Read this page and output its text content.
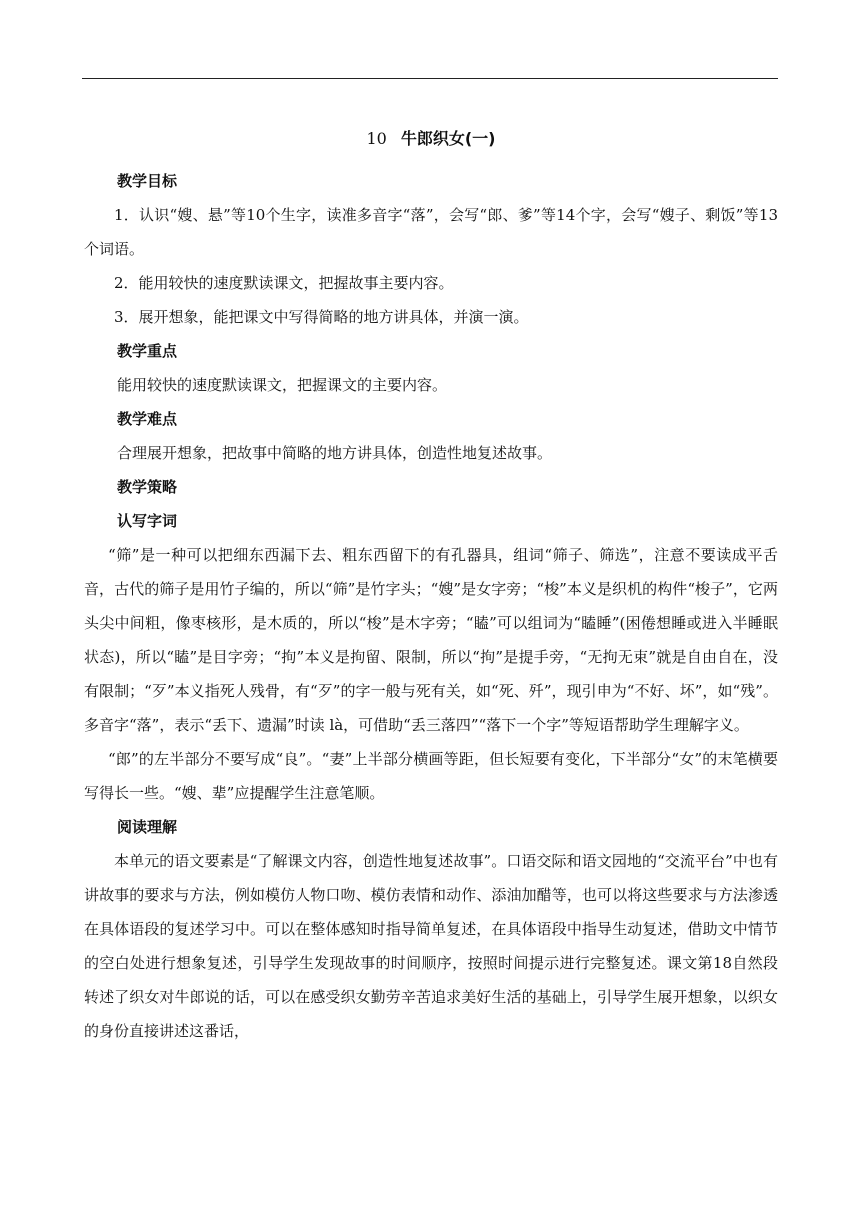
10 牛郎织女(一)
教学目标

1．认识“嫂、悬”等10个生字，读准多音字“落”，会写“郎、爹”等14个字，会写“嫂子、剩饭”等13个词语。

2．能用较快的速度默读课文，把握故事主要内容。

3．展开想象，能把课文中写得简略的地方讲具体，并演一演。

教学重点

能用较快的速度默读课文，把握课文的主要内容。

教学难点

合理展开想象，把故事中简略的地方讲具体，创造性地复述故事。

教学策略
认写字词

“筛”是一种可以把细东西漏下去、粗东西留下的有孔器具，组词“筛子、筛选”，注意不要读成平舌音，古代的筛子是用竹子编的，所以“筛”是竹字头；“嫂”是女字旁；“梭”本义是织机的构件“梭子”，它两头尖中间粗，像枣核形，是木质的，所以“梭”是木字旁；“瞌”可以组词为“瞌睡”(困倦想睡或进入半睡眠状态)，所以“瞌”是目字旁；“拘”本义是拘留、限制，所以“拘”是提手旁，“无拘无束”就是自由自在，没有限制；“歹”本义指死人残骨，有“歹”的字一般与死有关，如“死、歼”，现引申为“不好、坏”，如“残”。多音字“落”，表示“丢下、遗漏”时读 là，可借助“丢三落四”“落下一个字”等短语帮助学生理解字义。

“郎”的左半部分不要写成“良”。“妻”上半部分横画等距，但长短要有变化，下半部分“女”的末笔横要写得长一些。“嫂、辈”应提醒学生注意笔顺。

阅读理解

本单元的语文要素是“了解课文内容，创造性地复述故事”。口语交际和语文园地的“交流平台”中也有讲故事的要求与方法，例如模仿人物口吻、模仿表情和动作、添油加醋等，也可以将这些要求与方法渗透在具体语段的复述学习中。可以在整体感知时指导简单复述，在具体语段中指导生动复述，借助文中情节的空白处进行想象复述，引导学生发现故事的时间顺序，按照时间提示进行完整复述。课文第18自然段转述了织女对牛郎说的话，可以在感受织女勤劳辛苦追求美好生活的基础上，引导学生展开想象，以织女的身份直接讲述这番话，
